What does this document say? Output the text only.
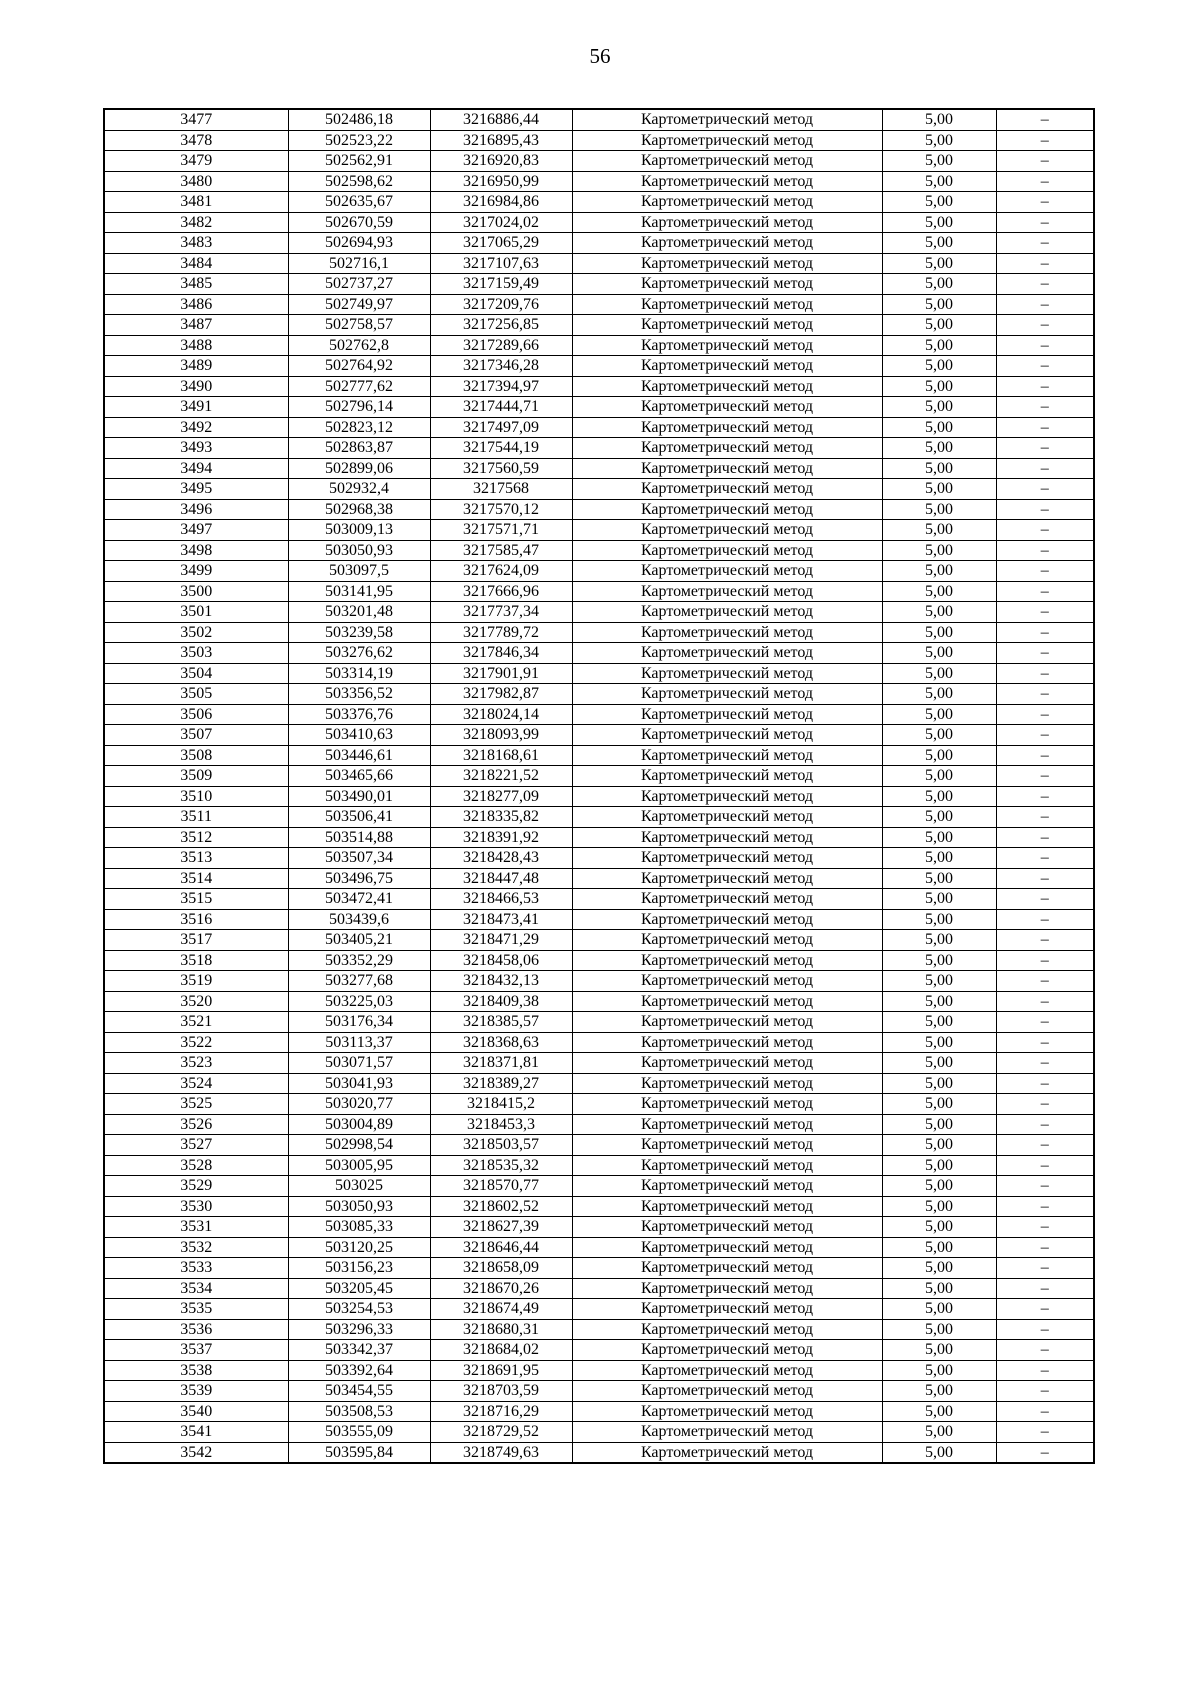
56
3477	502486,18	3216886,44	Картометрический метод	5,00	–
3478	502523,22	3216895,43	Картометрический метод	5,00	–
3479	502562,91	3216920,83	Картометрический метод	5,00	–
3480	502598,62	3216950,99	Картометрический метод	5,00	–
3481	502635,67	3216984,86	Картометрический метод	5,00	–
3482	502670,59	3217024,02	Картометрический метод	5,00	–
3483	502694,93	3217065,29	Картометрический метод	5,00	–
3484	502716,1	3217107,63	Картометрический метод	5,00	–
3485	502737,27	3217159,49	Картометрический метод	5,00	–
3486	502749,97	3217209,76	Картометрический метод	5,00	–
3487	502758,57	3217256,85	Картометрический метод	5,00	–
3488	502762,8	3217289,66	Картометрический метод	5,00	–
3489	502764,92	3217346,28	Картометрический метод	5,00	–
3490	502777,62	3217394,97	Картометрический метод	5,00	–
3491	502796,14	3217444,71	Картометрический метод	5,00	–
3492	502823,12	3217497,09	Картометрический метод	5,00	–
3493	502863,87	3217544,19	Картометрический метод	5,00	–
3494	502899,06	3217560,59	Картометрический метод	5,00	–
3495	502932,4	3217568	Картометрический метод	5,00	–
3496	502968,38	3217570,12	Картометрический метод	5,00	–
3497	503009,13	3217571,71	Картометрический метод	5,00	–
3498	503050,93	3217585,47	Картометрический метод	5,00	–
3499	503097,5	3217624,09	Картометрический метод	5,00	–
3500	503141,95	3217666,96	Картометрический метод	5,00	–
3501	503201,48	3217737,34	Картометрический метод	5,00	–
3502	503239,58	3217789,72	Картометрический метод	5,00	–
3503	503276,62	3217846,34	Картометрический метод	5,00	–
3504	503314,19	3217901,91	Картометрический метод	5,00	–
3505	503356,52	3217982,87	Картометрический метод	5,00	–
3506	503376,76	3218024,14	Картометрический метод	5,00	–
3507	503410,63	3218093,99	Картометрический метод	5,00	–
3508	503446,61	3218168,61	Картометрический метод	5,00	–
3509	503465,66	3218221,52	Картометрический метод	5,00	–
3510	503490,01	3218277,09	Картометрический метод	5,00	–
3511	503506,41	3218335,82	Картометрический метод	5,00	–
3512	503514,88	3218391,92	Картометрический метод	5,00	–
3513	503507,34	3218428,43	Картометрический метод	5,00	–
3514	503496,75	3218447,48	Картометрический метод	5,00	–
3515	503472,41	3218466,53	Картометрический метод	5,00	–
3516	503439,6	3218473,41	Картометрический метод	5,00	–
3517	503405,21	3218471,29	Картометрический метод	5,00	–
3518	503352,29	3218458,06	Картометрический метод	5,00	–
3519	503277,68	3218432,13	Картометрический метод	5,00	–
3520	503225,03	3218409,38	Картометрический метод	5,00	–
3521	503176,34	3218385,57	Картометрический метод	5,00	–
3522	503113,37	3218368,63	Картометрический метод	5,00	–
3523	503071,57	3218371,81	Картометрический метод	5,00	–
3524	503041,93	3218389,27	Картометрический метод	5,00	–
3525	503020,77	3218415,2	Картометрический метод	5,00	–
3526	503004,89	3218453,3	Картометрический метод	5,00	–
3527	502998,54	3218503,57	Картометрический метод	5,00	–
3528	503005,95	3218535,32	Картометрический метод	5,00	–
3529	503025	3218570,77	Картометрический метод	5,00	–
3530	503050,93	3218602,52	Картометрический метод	5,00	–
3531	503085,33	3218627,39	Картометрический метод	5,00	–
3532	503120,25	3218646,44	Картометрический метод	5,00	–
3533	503156,23	3218658,09	Картометрический метод	5,00	–
3534	503205,45	3218670,26	Картометрический метод	5,00	–
3535	503254,53	3218674,49	Картометрический метод	5,00	–
3536	503296,33	3218680,31	Картометрический метод	5,00	–
3537	503342,37	3218684,02	Картометрический метод	5,00	–
3538	503392,64	3218691,95	Картометрический метод	5,00	–
3539	503454,55	3218703,59	Картометрический метод	5,00	–
3540	503508,53	3218716,29	Картометрический метод	5,00	–
3541	503555,09	3218729,52	Картометрический метод	5,00	–
3542	503595,84	3218749,63	Картометрический метод	5,00	–
